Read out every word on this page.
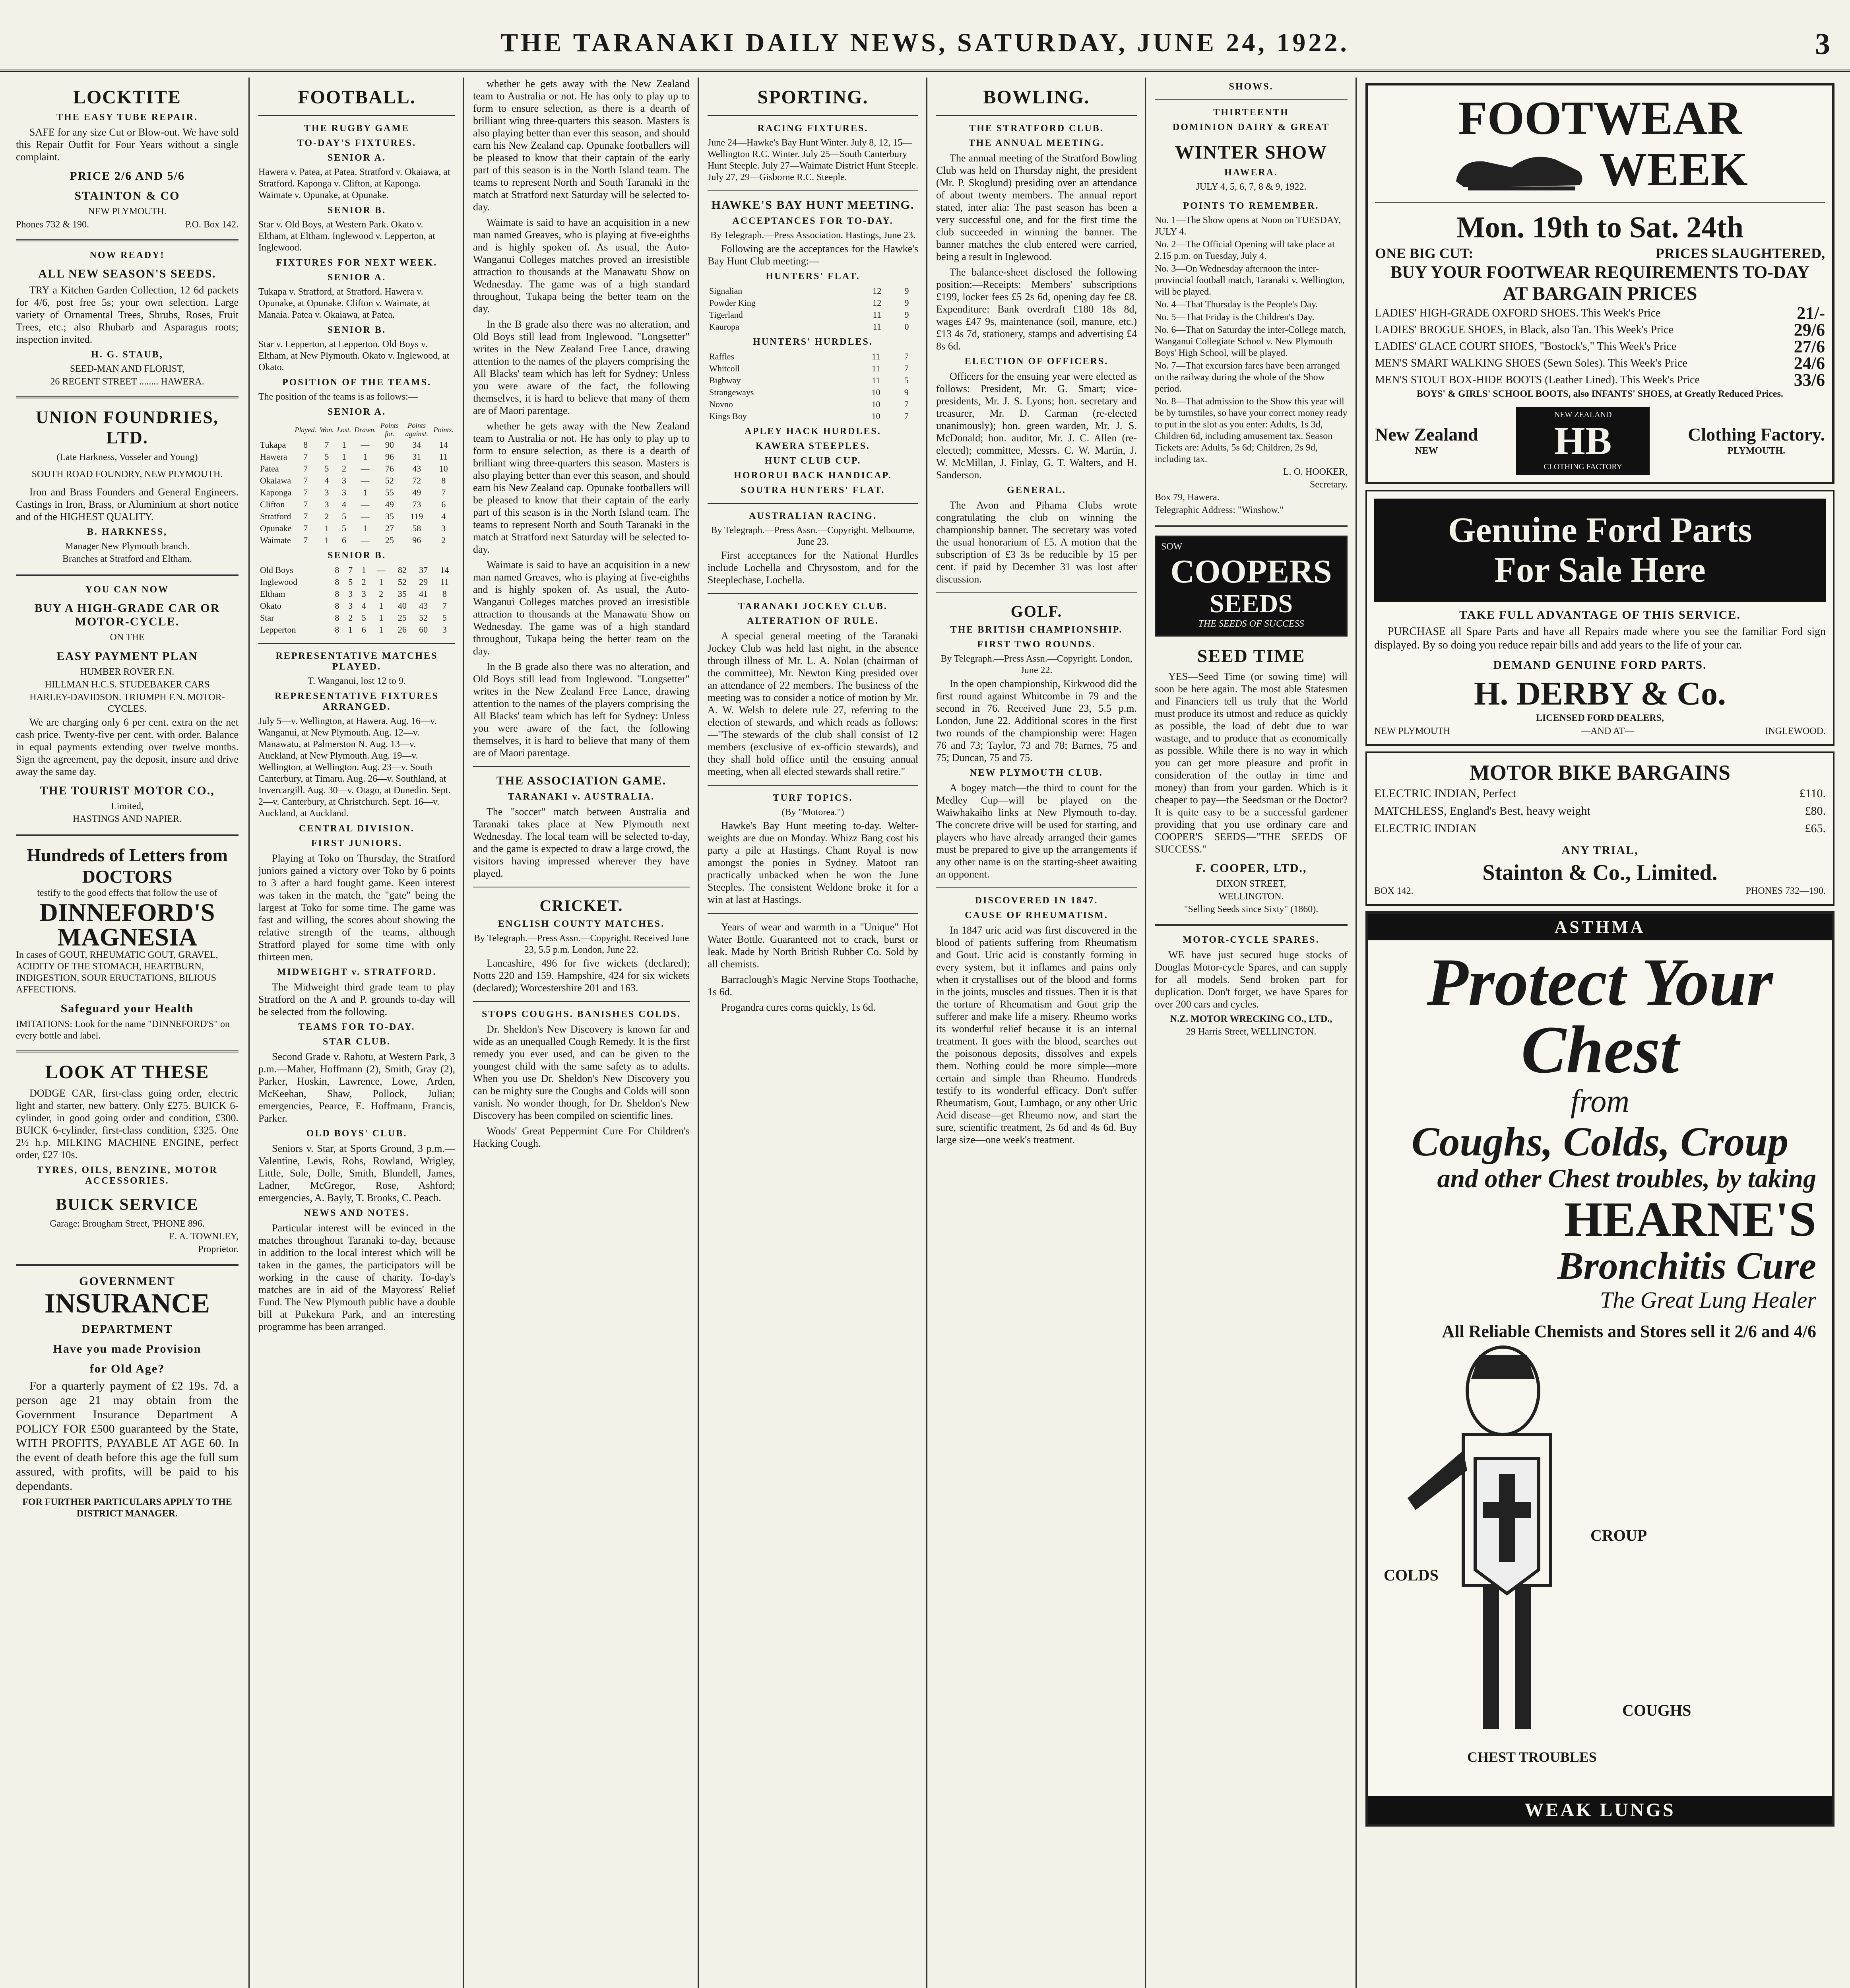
THE TARANAKI DAILY NEWS, SATURDAY, JUNE 24, 1922.	3
LOCKTITE
THE EASY TUBE REPAIR.

SAFE for any size Cut or Blow-out. We have sold this Repair Outfit for Four Years without a single complaint.

PRICE 2/6 AND 5/6
STAINTON & CO
NEW PLYMOUTH.
Phones 732 & 190.	P.O. Box 142.
NOW READY!
ALL NEW SEASON'S SEEDS.

TRY a Kitchen Garden Collection, 12 6d packets for 4/6, post free 5s; your own selection. Large variety of Ornamental Trees, Shrubs, Roses, Fruit Trees, etc.; also Rhubarb and Asparagus roots; inspection invited.

H. G. STAUB,
SEED-MAN AND FLORIST,
26 REGENT STREET ........ HAWERA.
UNION FOUNDRIES, LTD.
(Late Harkness, Vosseler and Young)
SOUTH ROAD FOUNDRY, NEW PLYMOUTH.

Iron and Brass Founders and General Engineers. Castings in Iron, Brass, or Aluminium at short notice and of the HIGHEST QUALITY.

B. HARKNESS,
Manager New Plymouth branch.
Branches at Stratford and Eltham.
YOU CAN NOW
BUY A HIGH-GRADE CAR OR MOTOR-CYCLE.
ON THE
EASY PAYMENT PLAN
HUMBER ROVER F.N.
HILLMAN H.C.S. STUDEBAKER CARS
HARLEY-DAVIDSON. TRIUMPH F.N. MOTOR-CYCLES.

We are charging only 6 per cent. extra on the net cash price. Twenty-five per cent. with order. Balance in equal payments extending over twelve months. Sign the agreement, pay the deposit, insure and drive away the same day.

THE TOURIST MOTOR CO.,
Limited,
HASTINGS AND NAPIER.
Hundreds of Letters from DOCTORS
testify to the good effects that follow the use of
DINNEFORD'S
MAGNESIA

In cases of GOUT, RHEUMATIC GOUT, GRAVEL, ACIDITY OF THE STOMACH, HEARTBURN, INDIGESTION, SOUR ERUCTATIONS, BILIOUS AFFECTIONS.

Safeguard your Health

IMITATIONS: Look for the name "DINNEFORD'S" on every bottle and label.

LOOK AT THESE

DODGE CAR, first-class going order, electric light and starter, new battery. Only £275. BUICK 6-cylinder, in good going order and condition, £300. BUICK 6-cylinder, first-class condition, £325. One 2½ h.p. MILKING MACHINE ENGINE, perfect order, £27 10s.

TYRES, OILS, BENZINE, MOTOR ACCESSORIES.
BUICK SERVICE
Garage: Brougham Street, 'PHONE 896.
E. A. TOWNLEY,
Proprietor.
GOVERNMENT
INSURANCE
DEPARTMENT
Have you made Provision
for Old Age?

For a quarterly payment of £2 19s. 7d. a person age 21 may obtain from the Government Insurance Department A POLICY FOR £500 guaranteed by the State, WITH PROFITS, PAYABLE AT AGE 60. In the event of death before this age the full sum assured, with profits, will be paid to his dependants.

FOR FURTHER PARTICULARS APPLY TO THE DISTRICT MANAGER.
FOOTBALL.
THE RUGBY GAME
TO-DAY'S FIXTURES.
SENIOR A.

Hawera v. Patea, at Patea. Stratford v. Okaiawa, at Stratford. Kaponga v. Clifton, at Kaponga. Waimate v. Opunake, at Opunake.

SENIOR B.

Star v. Old Boys, at Western Park. Okato v. Eltham, at Eltham. Inglewood v. Lepperton, at Inglewood.

FIXTURES FOR NEXT WEEK.
SENIOR A.

Tukapa v. Stratford, at Stratford. Hawera v. Opunake, at Opunake. Clifton v. Waimate, at Manaia. Patea v. Okaiawa, at Patea.

SENIOR B.

Star v. Lepperton, at Lepperton. Old Boys v. Eltham, at New Plymouth. Okato v. Inglewood, at Okato.

POSITION OF THE TEAMS.

The position of the teams is as follows:—

SENIOR A.
	Played.	Won.	Lost.	Drawn.	Points for.	Points against.	Points.
Tukapa	8	7	1	—	90	34	14
Hawera	7	5	1	1	96	31	11
Patea	7	5	2	—	76	43	10
Okaiawa	7	4	3	—	52	72	8
Kaponga	7	3	3	1	55	49	7
Clifton	7	3	4	—	49	73	6
Stratford	7	2	5	—	35	119	4
Opunake	7	1	5	1	27	58	3
Waimate	7	1	6	—	25	96	2
SENIOR B.
Old Boys	8	7	1	—	82	37	14
Inglewood	8	5	2	1	52	29	11
Eltham	8	3	3	2	35	41	8
Okato	8	3	4	1	40	43	7
Star	8	2	5	1	25	52	5
Lepperton	8	1	6	1	26	60	3
REPRESENTATIVE MATCHES PLAYED.

T. Wanganui, lost 12 to 9.

REPRESENTATIVE FIXTURES ARRANGED.

July 5—v. Wellington, at Hawera. Aug. 16—v. Wanganui, at New Plymouth. Aug. 12—v. Manawatu, at Palmerston N. Aug. 13—v. Auckland, at New Plymouth. Aug. 19—v. Wellington, at Wellington. Aug. 23—v. South Canterbury, at Timaru. Aug. 26—v. Southland, at Invercargill. Aug. 30—v. Otago, at Dunedin. Sept. 2—v. Canterbury, at Christchurch. Sept. 16—v. Auckland, at Auckland.

CENTRAL DIVISION.
FIRST JUNIORS.

Playing at Toko on Thursday, the Stratford juniors gained a victory over Toko by 6 points to 3 after a hard fought game. Keen interest was taken in the match, the "gate" being the largest at Toko for some time. The game was fast and willing, the scores about showing the relative strength of the teams, although Stratford played for some time with only thirteen men.

MIDWEIGHT v. STRATFORD.

The Midweight third grade team to play Stratford on the A and P. grounds to-day will be selected from the following.

TEAMS FOR TO-DAY.
STAR CLUB.

Second Grade v. Rahotu, at Western Park, 3 p.m.—Maher, Hoffmann (2), Smith, Gray (2), Parker, Hoskin, Lawrence, Lowe, Arden, McKeehan, Shaw, Pollock, Julian; emergencies, Pearce, E. Hoffmann, Francis, Parker.

OLD BOYS' CLUB.

Seniors v. Star, at Sports Ground, 3 p.m.—Valentine, Lewis, Rohs, Rowland, Wrigley, Little, Sole, Dolle, Smith, Blundell, James, Ladner, McGregor, Rose, Ashford; emergencies, A. Bayly, T. Brooks, C. Peach.

NEWS AND NOTES.

Particular interest will be evinced in the matches throughout Taranaki to-day, because in addition to the local interest which will be taken in the games, the participators will be working in the cause of charity. To-day's matches are in aid of the Mayoress' Relief Fund. The New Plymouth public have a double bill at Pukekura Park, and an interesting programme has been arranged.

whether he gets away with the New Zealand team to Australia or not. He has only to play up to form to ensure selection, as there is a dearth of brilliant wing three-quarters this season. Masters is also playing better than ever this season, and should earn his New Zealand cap. Opunake footballers will be pleased to know that their captain of the early part of this season is in the North Island team. The teams to represent North and South Taranaki in the match at Stratford next Saturday will be selected to-day.

Waimate is said to have an acquisition in a new man named Greaves, who is playing at five-eighths and is highly spoken of. As usual, the Auto-Wanganui Colleges matches proved an irresistible attraction to thousands at the Manawatu Show on Wednesday. The game was of a high standard throughout, Tukapa being the better team on the day.

In the B grade also there was no alteration, and Old Boys still lead from Inglewood. "Longsetter" writes in the New Zealand Free Lance, drawing attention to the names of the players comprising the All Blacks' team which has left for Sydney: Unless you were aware of the fact, the following themselves, it is hard to believe that many of them are of Maori parentage.

whether he gets away with the New Zealand team to Australia or not. He has only to play up to form to ensure selection, as there is a dearth of brilliant wing three-quarters this season. Masters is also playing better than ever this season, and should earn his New Zealand cap. Opunake footballers will be pleased to know that their captain of the early part of this season is in the North Island team. The teams to represent North and South Taranaki in the match at Stratford next Saturday will be selected to-day.

Waimate is said to have an acquisition in a new man named Greaves, who is playing at five-eighths and is highly spoken of. As usual, the Auto-Wanganui Colleges matches proved an irresistible attraction to thousands at the Manawatu Show on Wednesday. The game was of a high standard throughout, Tukapa being the better team on the day.

In the B grade also there was no alteration, and Old Boys still lead from Inglewood. "Longsetter" writes in the New Zealand Free Lance, drawing attention to the names of the players comprising the All Blacks' team which has left for Sydney: Unless you were aware of the fact, the following themselves, it is hard to believe that many of them are of Maori parentage.

THE ASSOCIATION GAME.
TARANAKI v. AUSTRALIA.

The "soccer" match between Australia and Taranaki takes place at New Plymouth next Wednesday. The local team will be selected to-day, and the game is expected to draw a large crowd, the visitors having impressed wherever they have played.

CRICKET.
ENGLISH COUNTY MATCHES.

By Telegraph.—Press Assn.—Copyright. Received June 23, 5.5 p.m. London, June 22.

Lancashire, 496 for five wickets (declared); Notts 220 and 159. Hampshire, 424 for six wickets (declared); Worcestershire 201 and 163.

STOPS COUGHS. BANISHES COLDS.

Dr. Sheldon's New Discovery is known far and wide as an unequalled Cough Remedy. It is the first remedy you ever used, and can be given to the youngest child with the same safety as to adults. When you use Dr. Sheldon's New Discovery you can be mighty sure the Coughs and Colds will soon vanish. No wonder though, for Dr. Sheldon's New Discovery has been compiled on scientific lines.

Woods' Great Peppermint Cure For Children's Hacking Cough.

SPORTING.
RACING FIXTURES.

June 24—Hawke's Bay Hunt Winter. July 8, 12, 15—Wellington R.C. Winter. July 25—South Canterbury Hunt Steeple. July 27—Waimate District Hunt Steeple. July 27, 29—Gisborne R.C. Steeple.

HAWKE'S BAY HUNT MEETING.
ACCEPTANCES FOR TO-DAY.

By Telegraph.—Press Association. Hastings, June 23.

Following are the acceptances for the Hawke's Bay Hunt Club meeting:—

HUNTERS' FLAT.
Signalian	12	9
Powder King	12	9
Tigerland	11	9
Kauropa	11	0
HUNTERS' HURDLES.
Raffles	11	7
Whitcoll	11	7
Bigbway	11	5
Strangeways	10	9
Novno	10	7
Kings Boy	10	7
APLEY HACK HURDLES.
KAWERA STEEPLES.
HUNT CLUB CUP.
HORORUI BACK HANDICAP.
SOUTRA HUNTERS' FLAT.
AUSTRALIAN RACING.

By Telegraph.—Press Assn.—Copyright. Melbourne, June 23.

First acceptances for the National Hurdles include Lochella and Chrysostom, and for the Steeplechase, Lochella.

TARANAKI JOCKEY CLUB.
ALTERATION OF RULE.

A special general meeting of the Taranaki Jockey Club was held last night, in the absence through illness of Mr. L. A. Nolan (chairman of the committee), Mr. Newton King presided over an attendance of 22 members. The business of the meeting was to consider a notice of motion by Mr. A. W. Welsh to delete rule 27, referring to the election of stewards, and which reads as follows:—"The stewards of the club shall consist of 12 members (exclusive of ex-officio stewards), and they shall hold office until the ensuing annual meeting, when all elected stewards shall retire."

TURF TOPICS.
(By "Motorea.")

Hawke's Bay Hunt meeting to-day. Welter-weights are due on Monday. Whizz Bang cost his party a pile at Hastings. Chant Royal is now amongst the ponies in Sydney. Matoot ran practically unbacked when he won the June Steeples. The consistent Weldone broke it for a win at last at Hastings.

Years of wear and warmth in a "Unique" Hot Water Bottle. Guaranteed not to crack, burst or leak. Made by North British Rubber Co. Sold by all chemists.

Barraclough's Magic Nervine Stops Toothache, 1s 6d.

Progandra cures corns quickly, 1s 6d.

BOWLING.
THE STRATFORD CLUB.
THE ANNUAL MEETING.

The annual meeting of the Stratford Bowling Club was held on Thursday night, the president (Mr. P. Skoglund) presiding over an attendance of about twenty members. The annual report stated, inter alia: The past season has been a very successful one, and for the first time the club succeeded in winning the banner. The banner matches the club entered were carried, being a result in Inglewood.

The balance-sheet disclosed the following position:—Receipts: Members' subscriptions £199, locker fees £5 2s 6d, opening day fee £8. Expenditure: Bank overdraft £180 18s 8d, wages £47 9s, maintenance (soil, manure, etc.) £13 4s 7d, stationery, stamps and advertising £4 8s 6d.

ELECTION OF OFFICERS.

Officers for the ensuing year were elected as follows: President, Mr. G. Smart; vice-presidents, Mr. J. S. Lyons; hon. secretary and treasurer, Mr. D. Carman (re-elected unanimously); hon. green warden, Mr. J. S. McDonald; hon. auditor, Mr. J. C. Allen (re-elected); committee, Messrs. C. W. Martin, J. W. McMillan, J. Finlay, G. T. Walters, and H. Sanderson.

GENERAL.

The Avon and Pihama Clubs wrote congratulating the club on winning the championship banner. The secretary was voted the usual honorarium of £5. A motion that the subscription of £3 3s be reducible by 15 per cent. if paid by December 31 was lost after discussion.

GOLF.
THE BRITISH CHAMPIONSHIP.
FIRST TWO ROUNDS.

By Telegraph.—Press Assn.—Copyright. London, June 22.

In the open championship, Kirkwood did the first round against Whitcombe in 79 and the second in 76. Received June 23, 5.5 p.m. London, June 22. Additional scores in the first two rounds of the championship were: Hagen 76 and 73; Taylor, 73 and 78; Barnes, 75 and 75; Duncan, 75 and 75.

NEW PLYMOUTH CLUB.

A bogey match—the third to count for the Medley Cup—will be played on the Waiwhakaiho links at New Plymouth to-day. The concrete drive will be used for starting, and players who have already arranged their games must be prepared to give up the arrangements if any other name is on the starting-sheet awaiting an opponent.

DISCOVERED IN 1847.
CAUSE OF RHEUMATISM.

In 1847 uric acid was first discovered in the blood of patients suffering from Rheumatism and Gout. Uric acid is constantly forming in every system, but it inflames and pains only when it crystallises out of the blood and forms in the joints, muscles and tissues. Then it is that the torture of Rheumatism and Gout grip the sufferer and make life a misery. Rheumo works its wonderful relief because it is an internal treatment. It goes with the blood, searches out the poisonous deposits, dissolves and expels them. Nothing could be more simple—more certain and simple than Rheumo. Hundreds testify to its wonderful efficacy. Don't suffer Rheumatism, Gout, Lumbago, or any other Uric Acid disease—get Rheumo now, and start the sure, scientific treatment, 2s 6d and 4s 6d. Buy large size—one week's treatment.

SHOWS.
THIRTEENTH
DOMINION DAIRY & GREAT
WINTER SHOW
HAWERA.
JULY 4, 5, 6, 7, 8 & 9, 1922.
POINTS TO REMEMBER.

No. 1—The Show opens at Noon on TUESDAY, JULY 4.

No. 2—The Official Opening will take place at 2.15 p.m. on Tuesday, July 4.

No. 3—On Wednesday afternoon the inter-provincial football match, Taranaki v. Wellington, will be played.

No. 4—That Thursday is the People's Day.

No. 5—That Friday is the Children's Day.

No. 6—That on Saturday the inter-College match, Wanganui Collegiate School v. New Plymouth Boys' High School, will be played.

No. 7—That excursion fares have been arranged on the railway during the whole of the Show period.

No. 8—That admission to the Show this year will be by turnstiles, so have your correct money ready to put in the slot as you enter: Adults, 1s 3d, Children 6d, including amusement tax. Season Tickets are: Adults, 5s 6d; Children, 2s 9d, including tax.

L. O. HOOKER,
Secretary.
Box 79, Hawera.
Telegraphic Address: "Winshow."
SOW
COOPERS
SEEDS
THE SEEDS OF SUCCESS
SEED TIME

YES—Seed Time (or sowing time) will soon be here again. The most able Statesmen and Financiers tell us truly that the World must produce its utmost and reduce as quickly as possible, the load of debt due to war wastage, and to produce that as economically as possible. While there is no way in which you can get more pleasure and profit in consideration of the outlay in time and money) than from your garden. Which is it cheaper to pay—the Seedsman or the Doctor? It is quite easy to be a successful gardener providing that you use ordinary care and COOPER'S SEEDS—"THE SEEDS OF SUCCESS."

F. COOPER, LTD.,
DIXON STREET,
WELLINGTON.
"Selling Seeds since Sixty" (1860).
MOTOR-CYCLE SPARES.

WE have just secured huge stocks of Douglas Motor-cycle Spares, and can supply for all models. Send broken part for duplication. Don't forget, we have Spares for over 200 cars and cycles.

N.Z. MOTOR WRECKING CO., LTD.,
29 Harris Street, WELLINGTON.
FOOTWEAR
WEEK
Mon. 19th to Sat. 24th
ONE BIG CUT:	PRICES SLAUGHTERED,
BUY YOUR FOOTWEAR REQUIREMENTS TO-DAY
AT BARGAIN PRICES
LADIES' HIGH-GRADE OXFORD SHOES. This Week's Price	21/-
LADIES' BROGUE SHOES, in Black, also Tan. This Week's Price	29/6
LADIES' GLACE COURT SHOES, "Bostock's," This Week's Price	27/6
MEN'S SMART WALKING SHOES (Sewn Soles). This Week's Price	24/6
MEN'S STOUT BOX-HIDE BOOTS (Leather Lined). This Week's Price	33/6
BOYS' & GIRLS' SCHOOL BOOTS, also INFANTS' SHOES, at Greatly Reduced Prices.
New Zealand
NEW
NEW ZEALAND
HB
CLOTHING FACTORY
Clothing Factory.
PLYMOUTH.
Genuine Ford Parts
For Sale Here
TAKE FULL ADVANTAGE OF THIS SERVICE.

PURCHASE all Spare Parts and have all Repairs made where you see the familiar Ford sign displayed. By so doing you reduce repair bills and add years to the life of your car.

DEMAND GENUINE FORD PARTS.
H. DERBY & Co.
LICENSED FORD DEALERS,
NEW PLYMOUTH	—AND AT—	INGLEWOOD.
MOTOR BIKE BARGAINS
ELECTRIC INDIAN, Perfect	£110.
MATCHLESS, England's Best, heavy weight	£80.
ELECTRIC INDIAN	£65.
ANY TRIAL,
Stainton & Co., Limited.
BOX 142.	PHONES 732—190.
ASTHMA
Protect Your Chest
from
Coughs, Colds, Croup
and other Chest troubles, by taking
HEARNE'S
Bronchitis Cure
The Great Lung Healer
All Reliable Chemists and Stores sell it 2/6 and 4/6
COLDS
CROUP
COUGHS
CHEST TROUBLES
WEAK LUNGS
